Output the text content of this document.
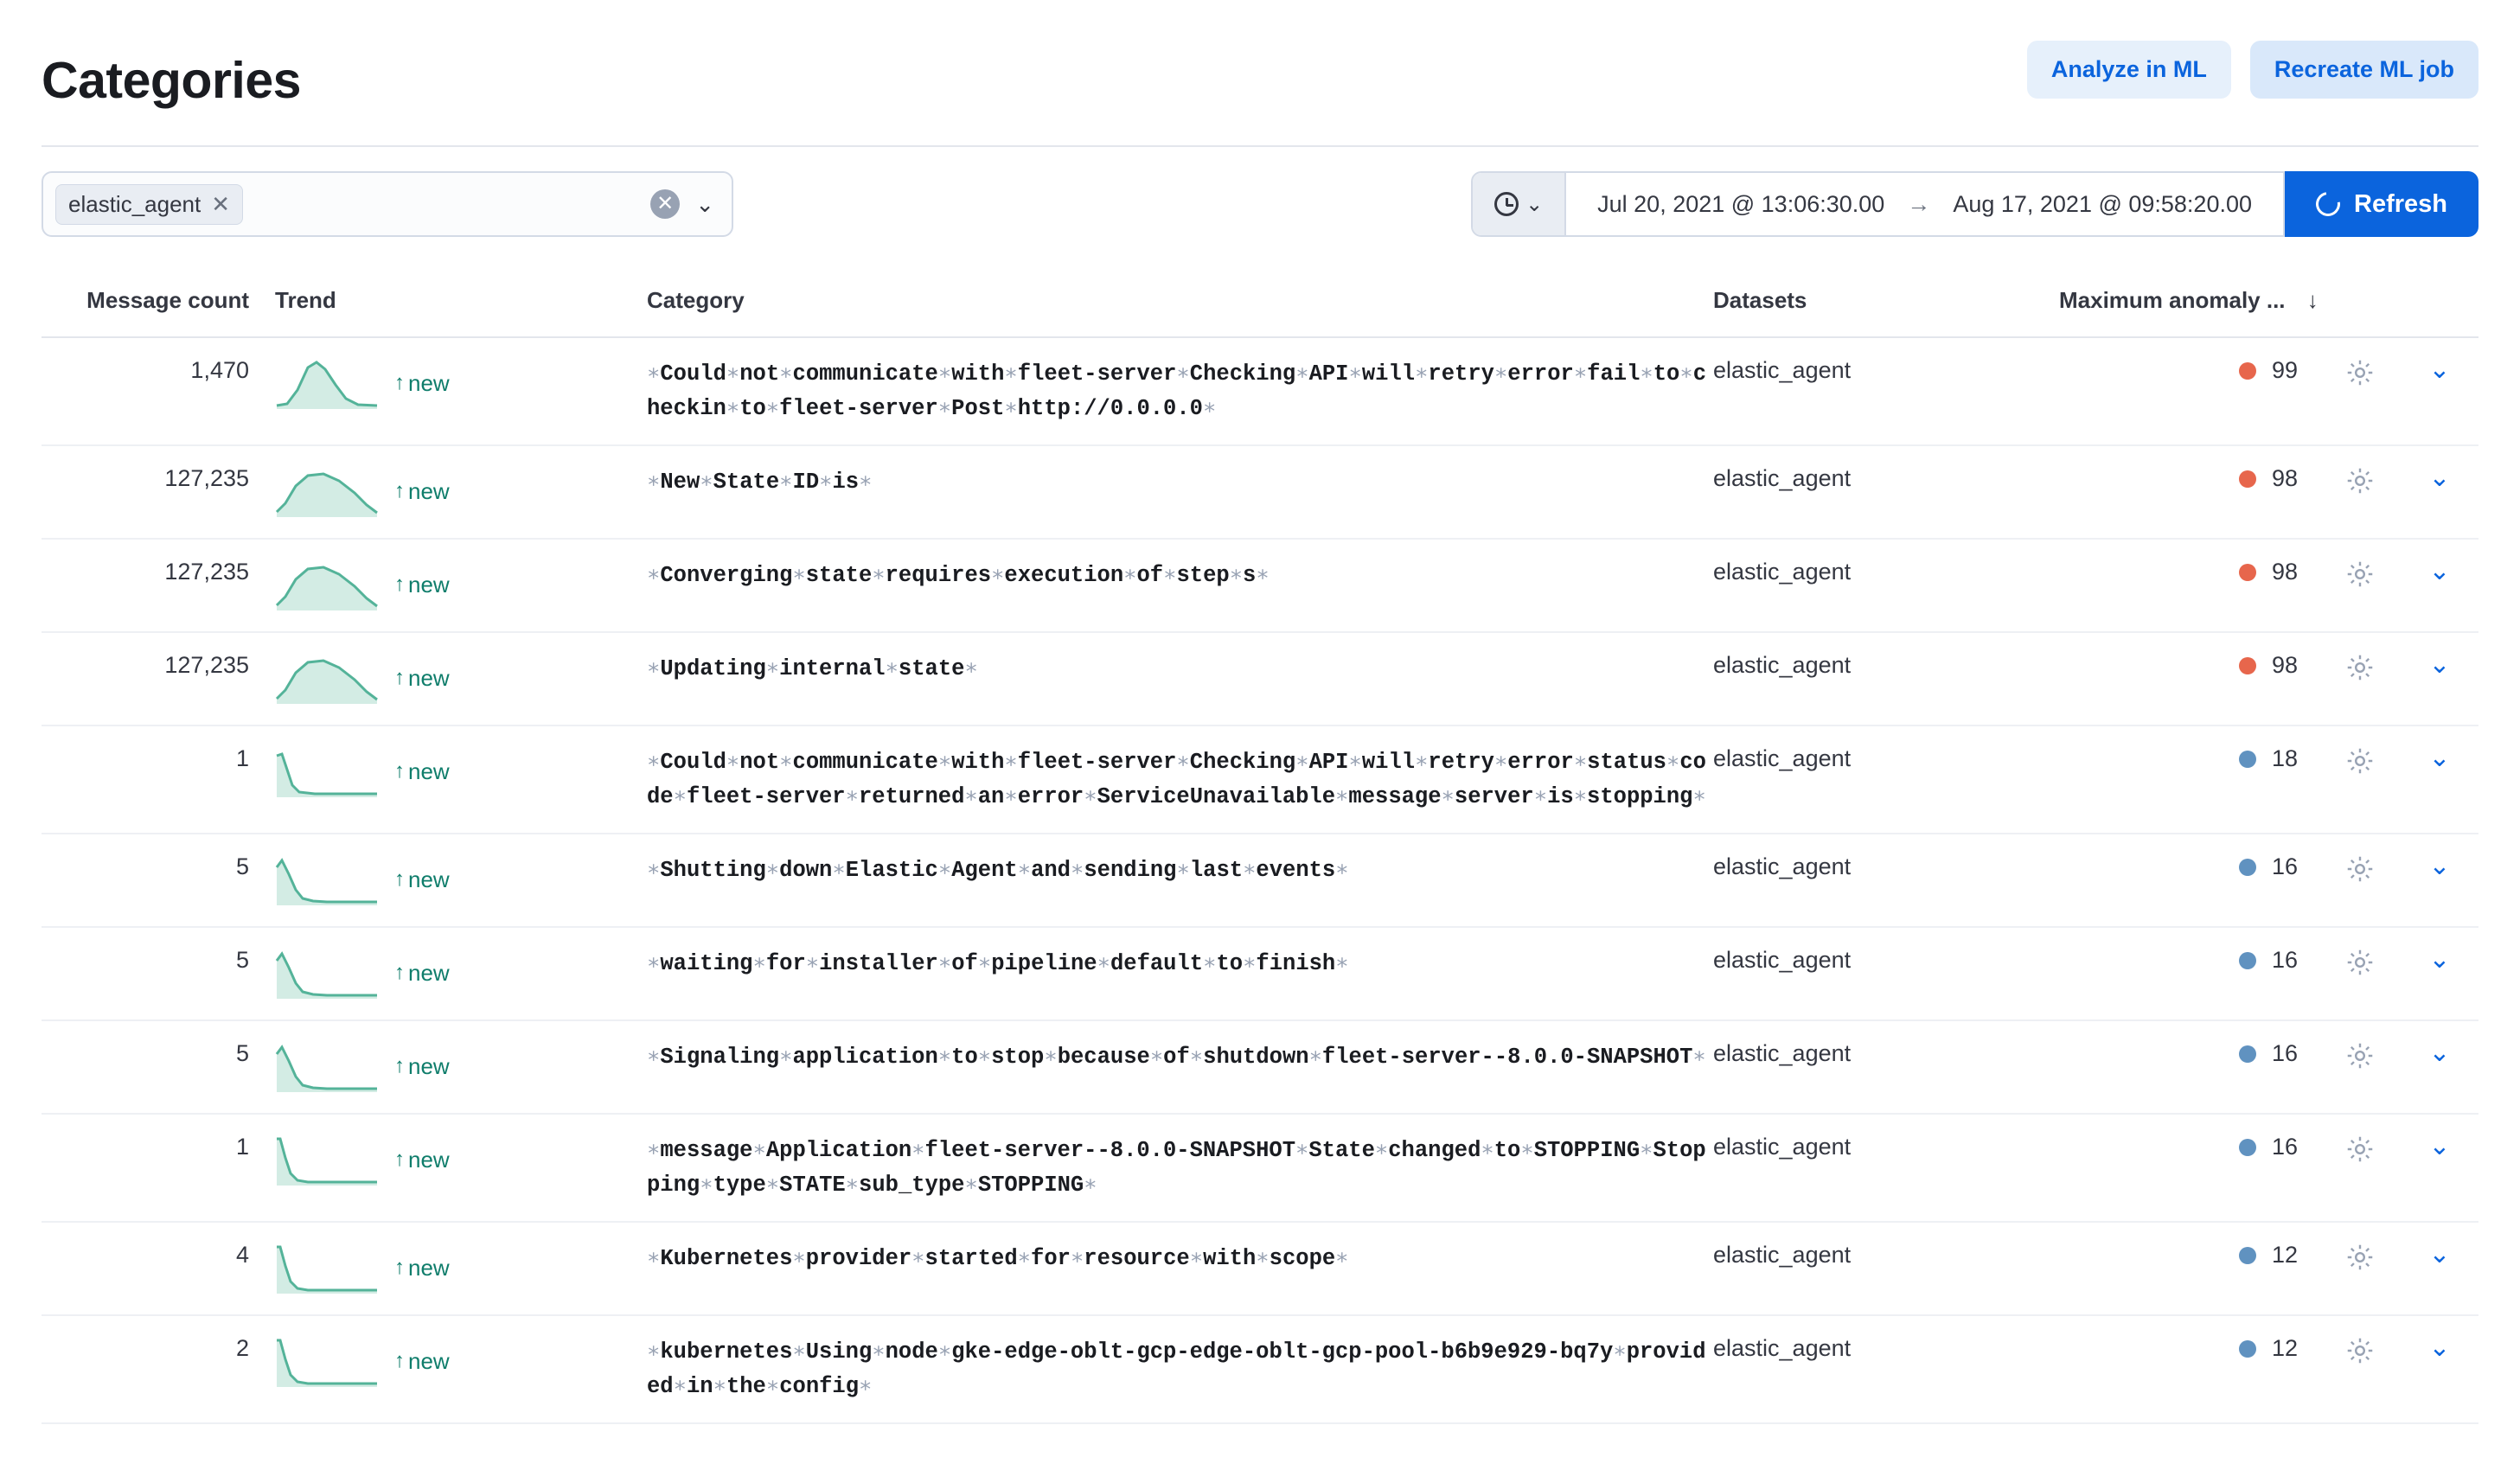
Categories	Analyze in ML	Recreate ML job
elastic_agent ✕	✕ ⌄	⌄ Jul 20, 2021 @ 13:06:30.00 → Aug 17, 2021 @ 09:58:20.00	Refresh
Message count	Trend	Category	Datasets	Maximum anomaly ... ↓		
1,470	↑ new	∗Could∗not∗communicate∗with∗fleet-server∗Checking∗API∗will∗retry∗error∗fail∗to∗checkin∗to∗fleet-server∗Post∗http://0.0.0.0∗	elastic_agent	99		⌄
127,235	↑ new	∗New∗State∗ID∗is∗	elastic_agent	98		⌄
127,235	↑ new	∗Converging∗state∗requires∗execution∗of∗step∗s∗	elastic_agent	98		⌄
127,235	↑ new	∗Updating∗internal∗state∗	elastic_agent	98		⌄
1	↑ new	∗Could∗not∗communicate∗with∗fleet-server∗Checking∗API∗will∗retry∗error∗status∗code∗fleet-server∗returned∗an∗error∗ServiceUnavailable∗message∗server∗is∗stopping∗	elastic_agent	18		⌄
5	↑ new	∗Shutting∗down∗Elastic∗Agent∗and∗sending∗last∗events∗	elastic_agent	16		⌄
5	↑ new	∗waiting∗for∗installer∗of∗pipeline∗default∗to∗finish∗	elastic_agent	16		⌄
5	↑ new	∗Signaling∗application∗to∗stop∗because∗of∗shutdown∗fleet-server--8.0.0-SNAPSHOT∗	elastic_agent	16		⌄
1	↑ new	∗message∗Application∗fleet-server--8.0.0-SNAPSHOT∗State∗changed∗to∗STOPPING∗Stopping∗type∗STATE∗sub_type∗STOPPING∗	elastic_agent	16		⌄
4	↑ new	∗Kubernetes∗provider∗started∗for∗resource∗with∗scope∗	elastic_agent	12		⌄
2	↑ new	∗kubernetes∗Using∗node∗gke-edge-oblt-gcp-edge-oblt-gcp-pool-b6b9e929-bq7y∗provided∗in∗the∗config∗	elastic_agent	12		⌄
